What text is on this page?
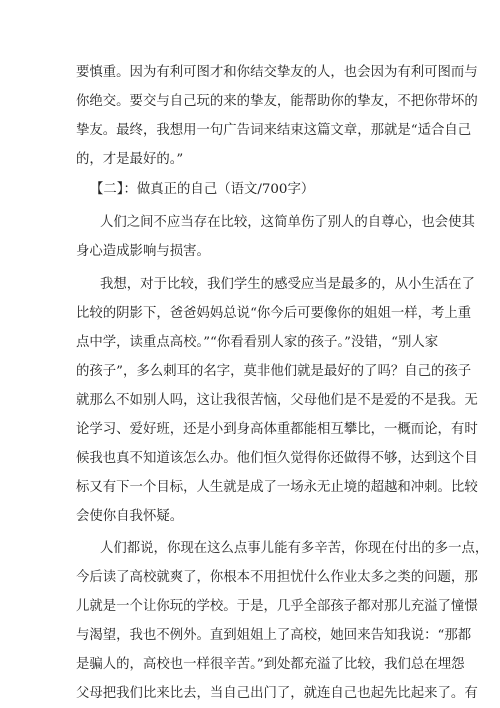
要慎重。因为有利可图才和你结交挚友的人，也会因为有利可图而与
你绝交。要交与自己玩的来的挚友，能帮助你的挚友，不把你带坏的
挚友。最终，我想用一句广告词来结束这篇文章，那就是“适合自己
的，才是最好的。”
【二】：做真正的自己（语文/700字）
人们之间不应当存在比较，这简单伤了别人的自尊心，也会使其
身心造成影响与损害。
我想，对于比较，我们学生的感受应当是最多的，从小生活在了
比较的阴影下，爸爸妈妈总说“你今后可要像你的姐姐一样，考上重
点中学，读重点高校。”“你看看别人家的孩子。”没错，“别人家
的孩子”，多么刺耳的名字，莫非他们就是最好的了吗？自己的孩子
就那么不如别人吗，这让我很苦恼，父母他们是不是爱的不是我。无
论学习、爱好班，还是小到身高体重都能相互攀比，一概而论，有时
候我也真不知道该怎么办。他们恒久觉得你还做得不够，达到这个目
标又有下一个目标，人生就是成了一场永无止境的超越和冲刺。比较
会使你自我怀疑。
人们都说，你现在这么点事儿能有多辛苦，你现在付出的多一点，
今后读了高校就爽了，你根本不用担忧什么作业太多之类的问题，那
儿就是一个让你玩的学校。于是，几乎全部孩子都对那儿充溢了憧憬
与渴望，我也不例外。直到姐姐上了高校，她回来告知我说：“那都
是骗人的，高校也一样很辛苦。”到处都充溢了比较，我们总在埋怨
父母把我们比来比去，当自己出门了，就连自己也起先比起来了。有
